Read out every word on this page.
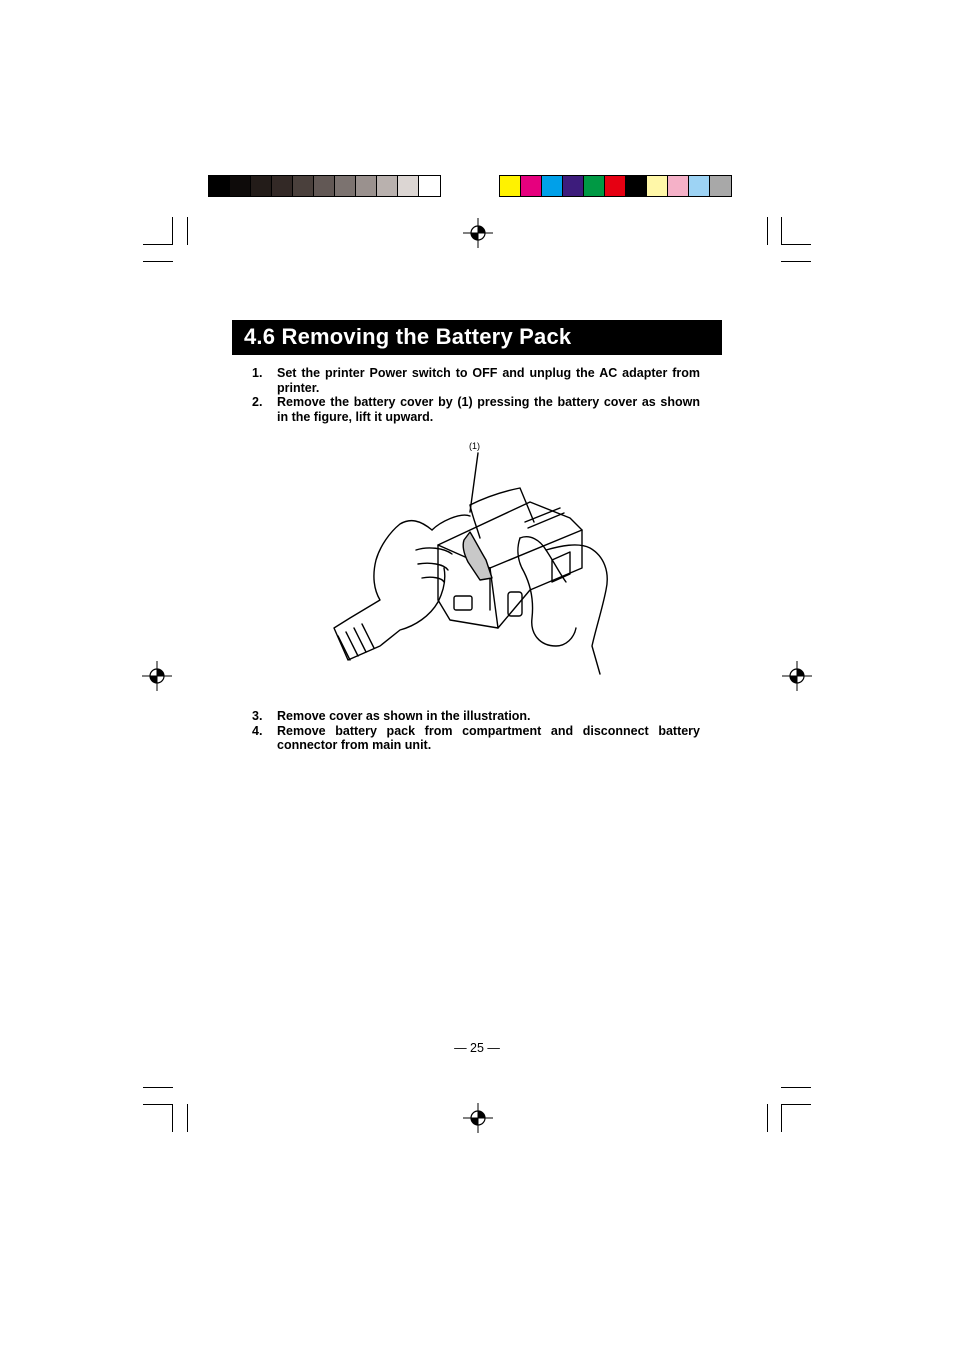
4.6 Removing the Battery Pack
1.	Set the printer Power switch to OFF and unplug the AC adapter from printer.
2.	Remove the battery cover by (1) pressing the battery cover as shown in the figure, lift it upward.
(1)
3.	Remove cover as shown in the illustration.
4.	Remove battery pack from compartment and disconnect battery connector from main unit.
— 25 —
